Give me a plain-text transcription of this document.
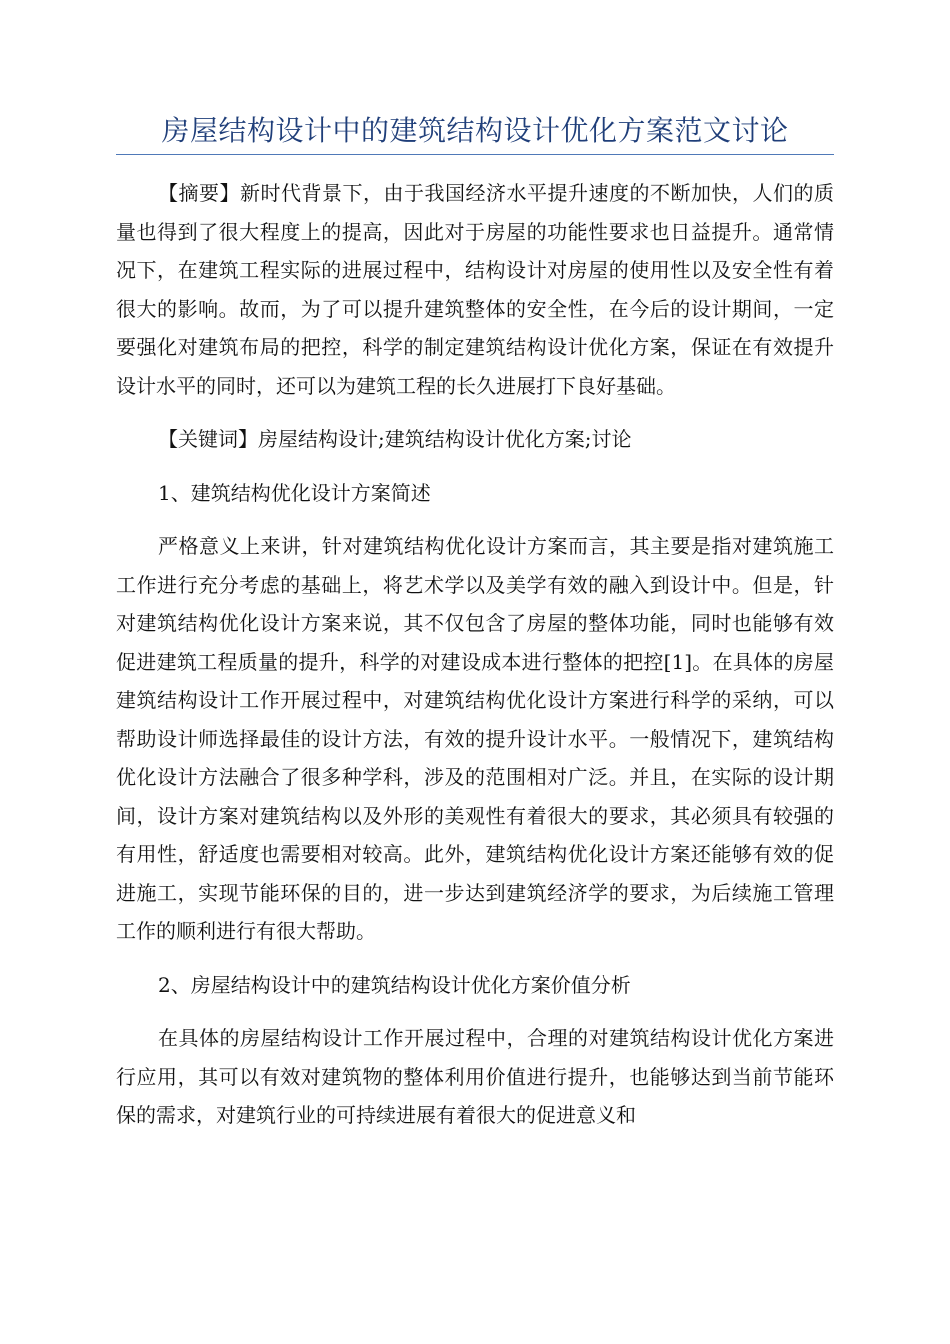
房屋结构设计中的建筑结构设计优化方案范文讨论

【摘要】新时代背景下，由于我国经济水平提升速度的不断加快，人们的质量也得到了很大程度上的提高，因此对于房屋的功能性要求也日益提升。通常情况下，在建筑工程实际的进展过程中，结构设计对房屋的使用性以及安全性有着很大的影响。故而，为了可以提升建筑整体的安全性，在今后的设计期间，一定要强化对建筑布局的把控，科学的制定建筑结构设计优化方案，保证在有效提升设计水平的同时，还可以为建筑工程的长久进展打下良好基础。

【关键词】房屋结构设计;建筑结构设计优化方案;讨论

1、建筑结构优化设计方案简述

严格意义上来讲，针对建筑结构优化设计方案而言，其主要是指对建筑施工工作进行充分考虑的基础上，将艺术学以及美学有效的融入到设计中。但是，针对建筑结构优化设计方案来说，其不仅包含了房屋的整体功能，同时也能够有效促进建筑工程质量的提升，科学的对建设成本进行整体的把控[1]。在具体的房屋建筑结构设计工作开展过程中，对建筑结构优化设计方案进行科学的采纳，可以帮助设计师选择最佳的设计方法，有效的提升设计水平。一般情况下，建筑结构优化设计方法融合了很多种学科，涉及的范围相对广泛。并且，在实际的设计期间，设计方案对建筑结构以及外形的美观性有着很大的要求，其必须具有较强的有用性，舒适度也需要相对较高。此外，建筑结构优化设计方案还能够有效的促进施工，实现节能环保的目的，进一步达到建筑经济学的要求，为后续施工管理工作的顺利进行有很大帮助。

2、房屋结构设计中的建筑结构设计优化方案价值分析

在具体的房屋结构设计工作开展过程中，合理的对建筑结构设计优化方案进行应用，其可以有效对建筑物的整体利用价值进行提升，也能够达到当前节能环保的需求，对建筑行业的可持续进展有着很大的促进意义和
